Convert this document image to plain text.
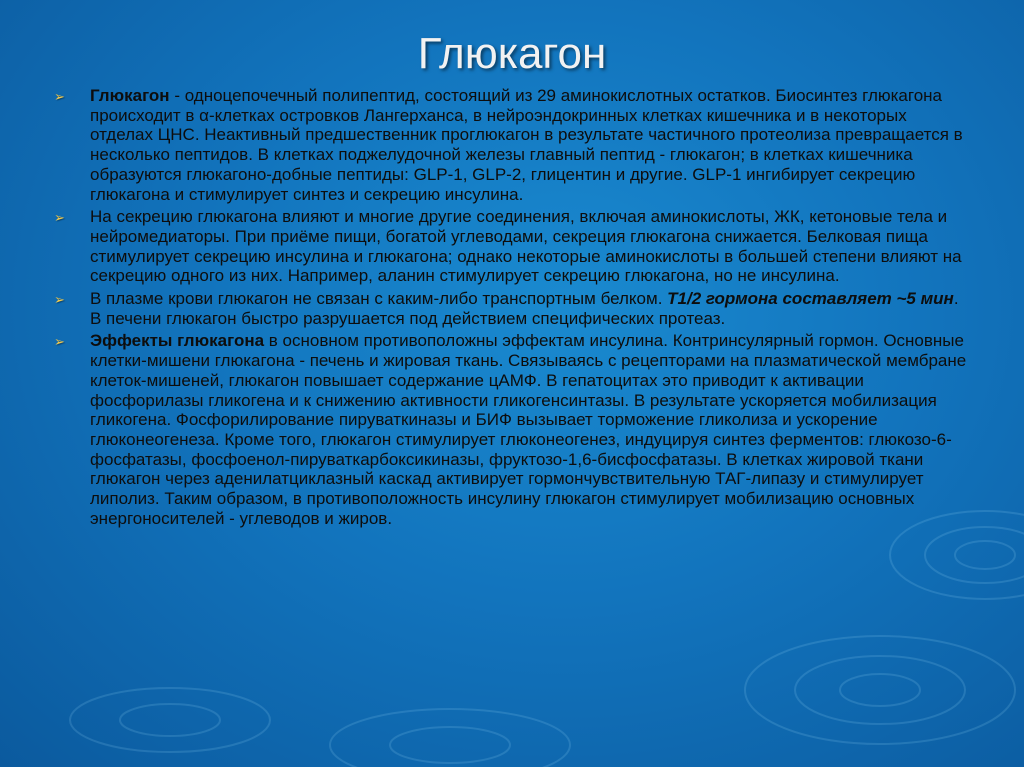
Глюкагон
➢ Глюкагон - одноцепочечный полипептид, состоящий из 29 аминокислотных остатков. Биосинтез глюкагона происходит в α-клетках островков Лангерханса, в нейроэндокринных клетках кишечника и в некоторых отделах ЦНС. Неактивный предшественник проглюкагон в результате частичного протеолиза превращается в несколько пептидов. В клетках поджелудочной железы главный пептид - глюкагон; в клетках кишечника образуются глюкагоно-добные пептиды: GLP-1, GLP-2, глицентин и другие. GLP-1 ингибирует секрецию глюкагона и стимулирует синтез и секрецию инсулина.
➢ На секрецию глюкагона влияют и многие другие соединения, включая аминокислоты, ЖК, кетоновые тела и нейромедиаторы. При приёме пищи, богатой углеводами, секреция глюкагона снижается. Белковая пища стимулирует секрецию инсулина и глюкагона; однако некоторые аминокислоты в большей степени влияют на секрецию одного из них. Например, аланин стимулирует секрецию глюкагона, но не инсулина.
➢ В плазме крови глюкагон не связан с каким-либо транспортным белком. Т1/2 гормона составляет ~5 мин. В печени глюкагон быстро разрушается под действием специфических протеаз.
➢ Эффекты глюкагона в основном противоположны эффектам инсулина. Контринсулярный гормон. Основные клетки-мишени глюкагона - печень и жировая ткань. Связываясь с рецепторами на плазматической мембране клеток-мишеней, глюкагон повышает содержание цАМФ. В гепатоцитах это приводит к активации фосфорилазы гликогена и к снижению активности гликогенсинтазы. В результате ускоряется мобилизация гликогена. Фосфорилирование пируваткиназы и БИФ вызывает торможение гликолиза и ускорение глюконеогенеза. Кроме того, глюкагон стимулирует глюконеогенез, индуцируя синтез ферментов: глюкозо-6-фосфатазы, фосфоенол-пируваткарбоксикиназы, фруктозо-1,6-бисфосфатазы. В клетках жировой ткани глюкагон через аденилатциклазный каскад активирует гормончувствительную ТАГ-липазу и стимулирует липолиз. Таким образом, в противоположность инсулину глюкагон стимулирует мобилизацию основных энергоносителей - углеводов и жиров.
